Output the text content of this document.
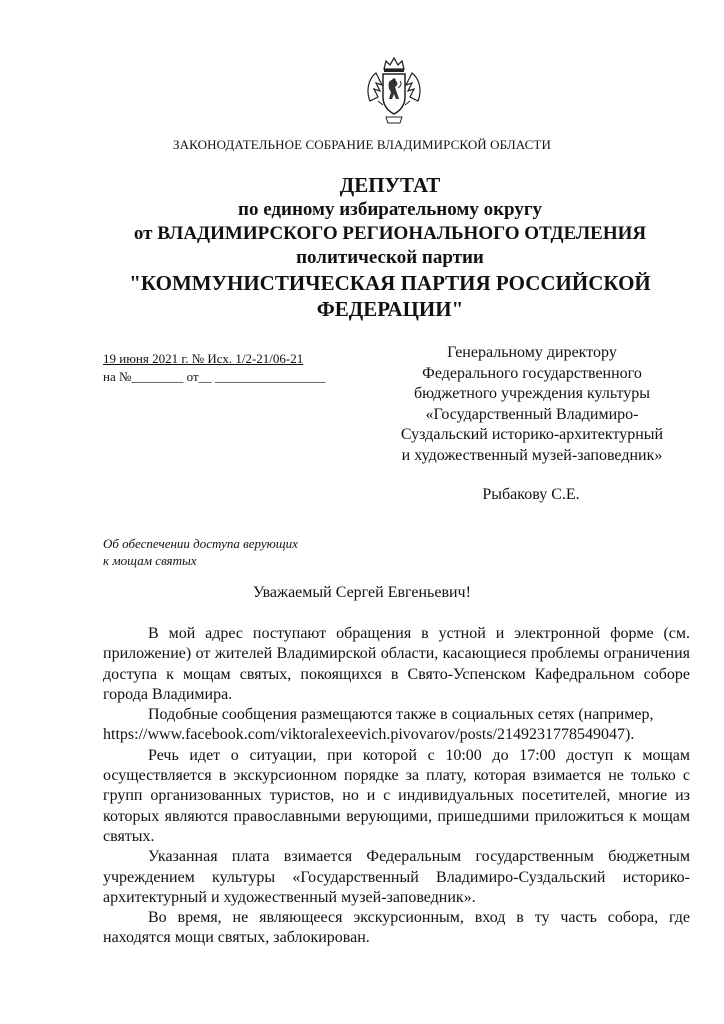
ЗАКОНОДАТЕЛЬНОЕ СОБРАНИЕ ВЛАДИМИРСКОЙ ОБЛАСТИ
ДЕПУТАТ
по единому избирательному округу
от ВЛАДИМИРСКОГО РЕГИОНАЛЬНОГО ОТДЕЛЕНИЯ
политической партии
"КОММУНИСТИЧЕСКАЯ ПАРТИЯ РОССИЙСКОЙ
ФЕДЕРАЦИИ"
19 июня 2021 г. № Исх. 1/2-21/06-21
на №________ от__ _________________
Генеральному директору
Федерального государственного
бюджетного учреждения культуры
«Государственный Владимиро-
Суздальский историко-архитектурный
и художественный музей-заповедник»
Рыбакову С.Е.
Об обеспечении доступа верующих
к мощам святых
Уважаемый Сергей Евгеньевич!

В мой адрес поступают обращения в устной и электронной форме (см. приложение) от жителей Владимирской области, касающиеся проблемы ограничения доступа к мощам святых, покоящихся в Свято-Успенском Кафедральном соборе города Владимира.

Подобные сообщения размещаются также в социальных сетях (например, https://www.facebook.com/viktoralexeevich.pivovarov/posts/2149231778549047).

Речь идет о ситуации, при которой с 10:00 до 17:00 доступ к мощам осуществляется в экскурсионном порядке за плату, которая взимается не только с групп организованных туристов, но и с индивидуальных посетителей, многие из которых являются православными верующими, пришедшими приложиться к мощам святых.

Указанная плата взимается Федеральным государственным бюджетным учреждением культуры «Государственный Владимиро-Суздальский историко-архитектурный и художественный музей-заповедник».

Во время, не являющееся экскурсионным, вход в ту часть собора, где находятся мощи святых, заблокирован.
